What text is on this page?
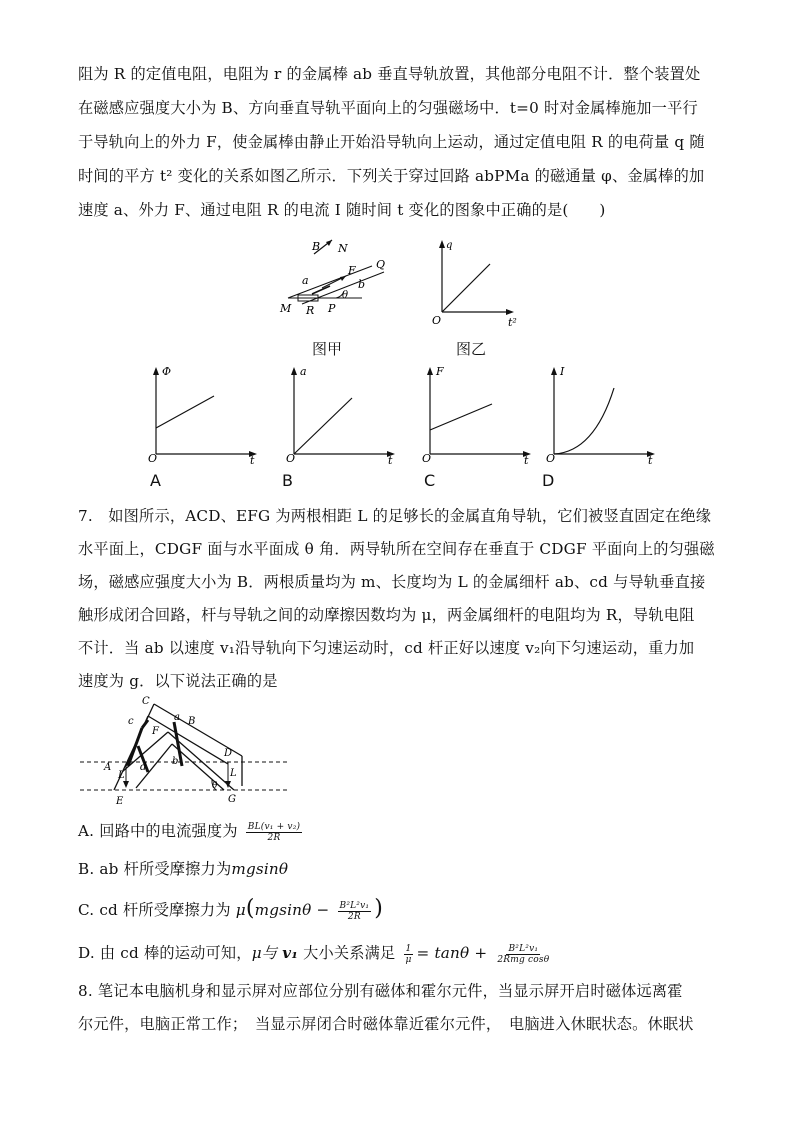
阻为 R 的定值电阻，电阻为 r 的金属棒 ab 垂直导轨放置，其他部分电阻不计．整个装置处
在磁感应强度大小为 B、方向垂直导轨平面向上的匀强磁场中．t=0 时对金属棒施加一平行
于导轨向上的外力 F，使金属棒由静止开始沿导轨向上运动，通过定值电阻 R 的电荷量 q 随
时间的平方 t² 变化的关系如图乙所示．下列关于穿过回路 abPMa 的磁通量 φ、金属棒的加
速度 a、外力 F、通过电阻 R 的电流 I 随时间 t 变化的图象中正确的是(　　)
B N
a
F Q
b
θ
M R P
图甲
q
O	t²
图乙
Φ
O	t
A
a
O	t
B
F
O	t
C
I
O	t
D
7.　如图所示，ACD、EFG 为两根相距 L 的足够长的金属直角导轨，它们被竖直固定在绝缘
水平面上，CDGF 面与水平面成 θ 角．两导轨所在空间存在垂直于 CDGF 平面向上的匀强磁
场，磁感应强度大小为 B．两根质量均为 m、长度均为 L 的金属细杆 ab、cd 与导轨垂直接
触形成闭合回路，杆与导轨之间的动摩擦因数均为 μ，两金属细杆的电阻均为 R，导轨电阻
不计．当 ab 以速度 v₁沿导轨向下匀速运动时，cd 杆正好以速度 v₂向下匀速运动，重力加
速度为 g．以下说法正确的是
C
a B
c
F
A
L
d
b
D
L
E
θ
G
A. 回路中的电流强度为 $\frac{\text{BL(v₁ + v₂)}}{2R}$
B. ab 杆所受摩擦力为mgsinθ
C. cd 杆所受摩擦力为 $\mu(mgsin\theta - \frac{\text{B²L²v₁}}{2R}$ )
D. 由 cd 棒的运动可知，μ与 v₁ 大小关系满足 $\frac{1}{\mu} = \tan\theta + \frac{\text{B²L²v₁}}{\text{2Rmg cosθ}}$
8. 笔记本电脑机身和显示屏对应部位分别有磁体和霍尔元件，当显示屏开启时磁体远离霍
尔元件，电脑正常工作；　当显示屏闭合时磁体靠近霍尔元件，　电脑进入休眠状态。休眠状
